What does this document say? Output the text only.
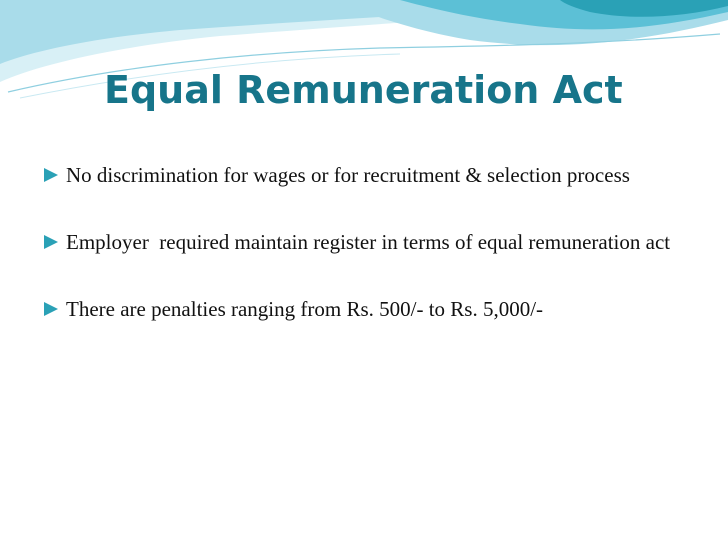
Equal Remuneration Act
No discrimination for wages or for recruitment & selection process
Employer  required maintain register in terms of equal remuneration act
There are penalties ranging from Rs. 500/- to Rs. 5,000/-
